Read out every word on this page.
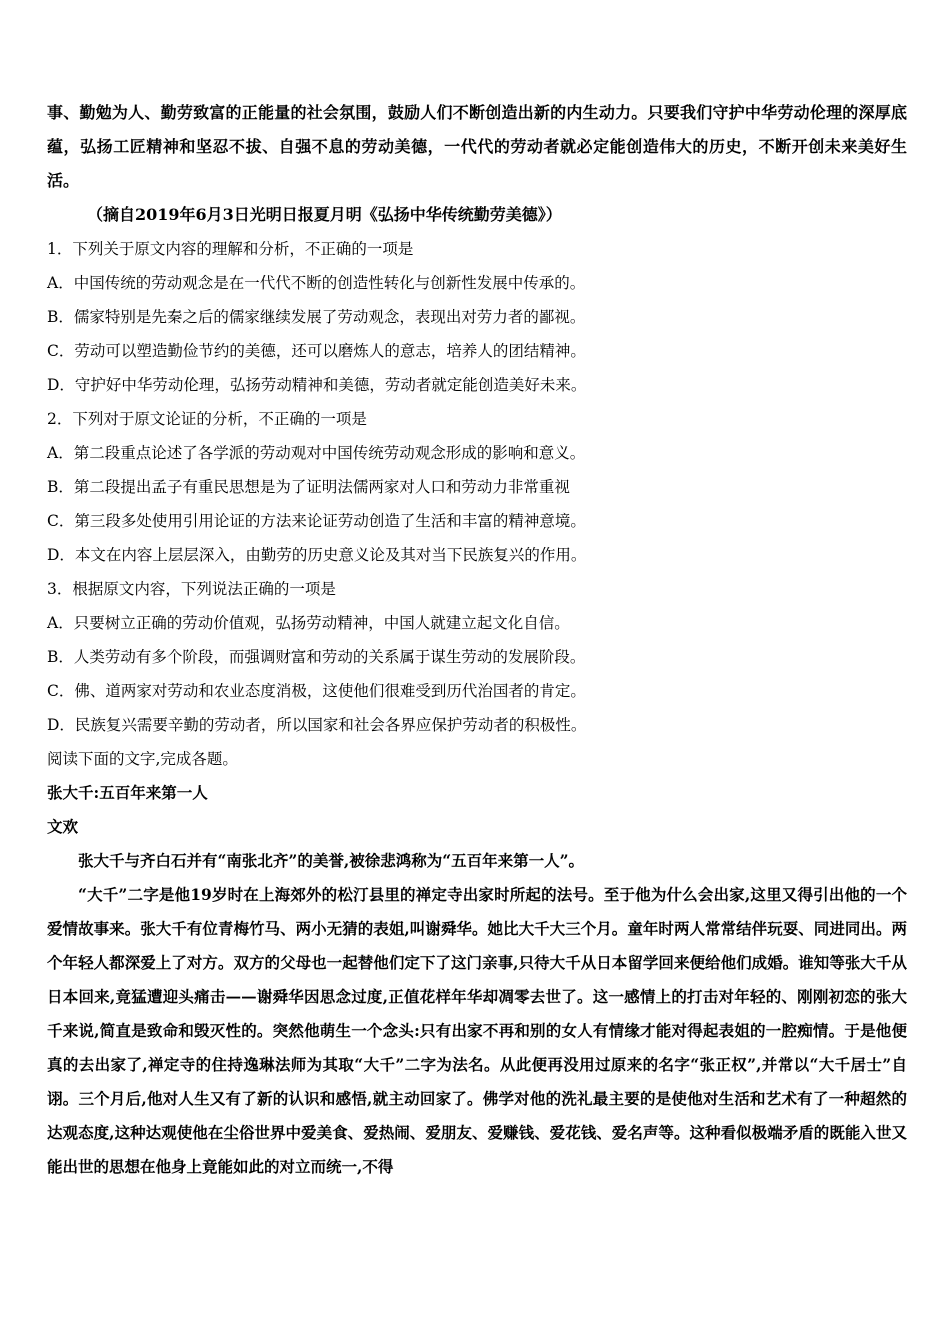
事、勤勉为人、勤劳致富的正能量的社会氛围，鼓励人们不断创造出新的内生动力。只要我们守护中华劳动伦理的深厚底蕴，弘扬工匠精神和坚忍不拔、自强不息的劳动美德，一代代的劳动者就必定能创造伟大的历史，不断开创未来美好生活。

（摘自2019年6月3日光明日报夏月明《弘扬中华传统勤劳美德》）

1．下列关于原文内容的理解和分析，不正确的一项是

A．中国传统的劳动观念是在一代代不断的创造性转化与创新性发展中传承的。

B．儒家特别是先秦之后的儒家继续发展了劳动观念，表现出对劳力者的鄙视。

C．劳动可以塑造勤俭节约的美德，还可以磨炼人的意志，培养人的团结精神。

D．守护好中华劳动伦理，弘扬劳动精神和美德，劳动者就定能创造美好未来。

2．下列对于原文论证的分析，不正确的一项是

A．第二段重点论述了各学派的劳动观对中国传统劳动观念形成的影响和意义。

B．第二段提出孟子有重民思想是为了证明法儒两家对人口和劳动力非常重视

C．第三段多处使用引用论证的方法来论证劳动创造了生活和丰富的精神意境。

D．本文在内容上层层深入，由勤劳的历史意义论及其对当下民族复兴的作用。

3．根据原文内容，下列说法正确的一项是

A．只要树立正确的劳动价值观，弘扬劳动精神，中国人就建立起文化自信。

B．人类劳动有多个阶段，而强调财富和劳动的关系属于谋生劳动的发展阶段。

C．佛、道两家对劳动和农业态度消极，这使他们很难受到历代治国者的肯定。

D．民族复兴需要辛勤的劳动者，所以国家和社会各界应保护劳动者的积极性。

阅读下面的文字,完成各题。

张大千:五百年来第一人

文欢

张大千与齐白石并有“南张北齐”的美誉,被徐悲鸿称为“五百年来第一人”。

“大千”二字是他19岁时在上海郊外的松汀县里的禅定寺出家时所起的法号。至于他为什么会出家,这里又得引出他的一个爱情故事来。张大千有位青梅竹马、两小无猜的表姐,叫谢舜华。她比大千大三个月。童年时两人常常结伴玩耍、同进同出。两个年轻人都深爱上了对方。双方的父母也一起替他们定下了这门亲事,只待大千从日本留学回来便给他们成婚。谁知等张大千从日本回来,竟猛遭迎头痛击——谢舜华因思念过度,正值花样年华却凋零去世了。这一感情上的打击对年轻的、刚刚初恋的张大千来说,简直是致命和毁灭性的。突然他萌生一个念头:只有出家不再和别的女人有情缘才能对得起表姐的一腔痴情。于是他便真的去出家了,禅定寺的住持逸琳法师为其取“大千”二字为法名。从此便再没用过原来的名字“张正权”,并常以“大千居士”自诩。三个月后,他对人生又有了新的认识和感悟,就主动回家了。佛学对他的洗礼最主要的是使他对生活和艺术有了一种超然的达观态度,这种达观使他在尘俗世界中爱美食、爱热闹、爱朋友、爱赚钱、爱花钱、爱名声等。这种看似极端矛盾的既能入世又能出世的思想在他身上竟能如此的对立而统一,不得
